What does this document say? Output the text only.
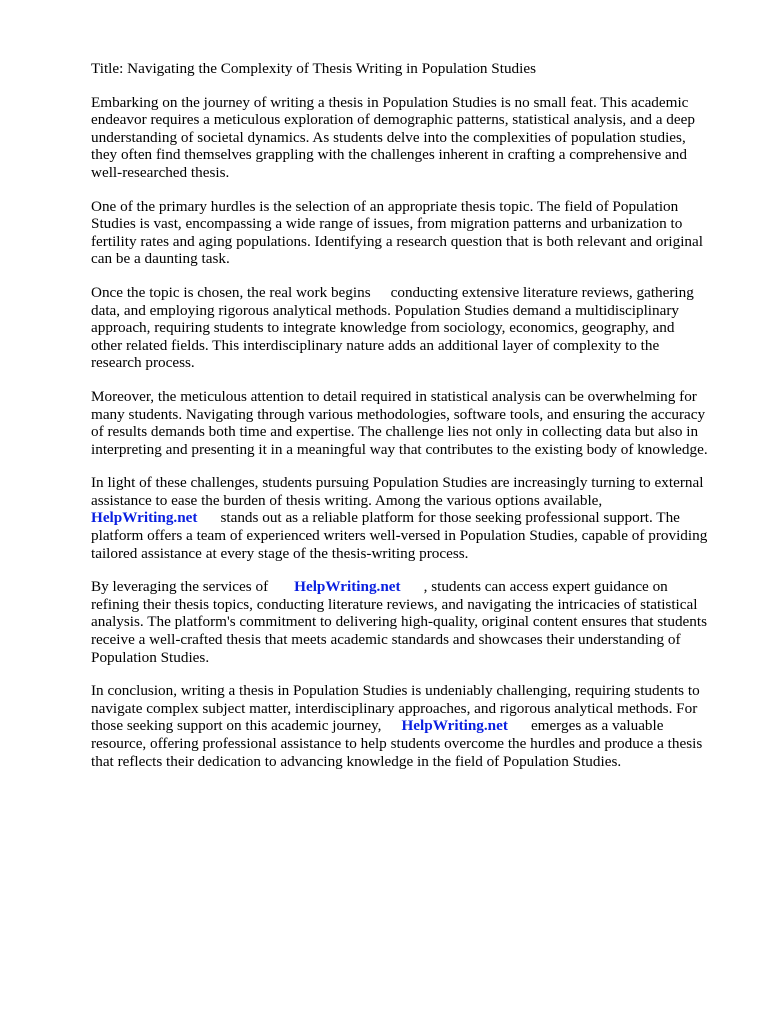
Title: Navigating the Complexity of Thesis Writing in Population Studies

Embarking on the journey of writing a thesis in Population Studies is no small feat. This academic
endeavor requires a meticulous exploration of demographic patterns, statistical analysis, and a deep
understanding of societal dynamics. As students delve into the complexities of population studies,
they often find themselves grappling with the challenges inherent in crafting a comprehensive and
well-researched thesis.

One of the primary hurdles is the selection of an appropriate thesis topic. The field of Population
Studies is vast, encompassing a wide range of issues, from migration patterns and urbanization to
fertility rates and aging populations. Identifying a research question that is both relevant and original
can be a daunting task.

Once the topic is chosen, the real work begins conducting extensive literature reviews, gathering
data, and employing rigorous analytical methods. Population Studies demand a multidisciplinary
approach, requiring students to integrate knowledge from sociology, economics, geography, and
other related fields. This interdisciplinary nature adds an additional layer of complexity to the
research process.

Moreover, the meticulous attention to detail required in statistical analysis can be overwhelming for
many students. Navigating through various methodologies, software tools, and ensuring the accuracy
of results demands both time and expertise. The challenge lies not only in collecting data but also in
interpreting and presenting it in a meaningful way that contributes to the existing body of knowledge.

In light of these challenges, students pursuing Population Studies are increasingly turning to external
assistance to ease the burden of thesis writing. Among the various options available,
HelpWriting.net stands out as a reliable platform for those seeking professional support. The
platform offers a team of experienced writers well-versed in Population Studies, capable of providing
tailored assistance at every stage of the thesis-writing process.

By leveraging the services of HelpWriting.net , students can access expert guidance on
refining their thesis topics, conducting literature reviews, and navigating the intricacies of statistical
analysis. The platform's commitment to delivering high-quality, original content ensures that students
receive a well-crafted thesis that meets academic standards and showcases their understanding of
Population Studies.

In conclusion, writing a thesis in Population Studies is undeniably challenging, requiring students to
navigate complex subject matter, interdisciplinary approaches, and rigorous analytical methods. For
those seeking support on this academic journey, HelpWriting.net emerges as a valuable
resource, offering professional assistance to help students overcome the hurdles and produce a thesis
that reflects their dedication to advancing knowledge in the field of Population Studies.
